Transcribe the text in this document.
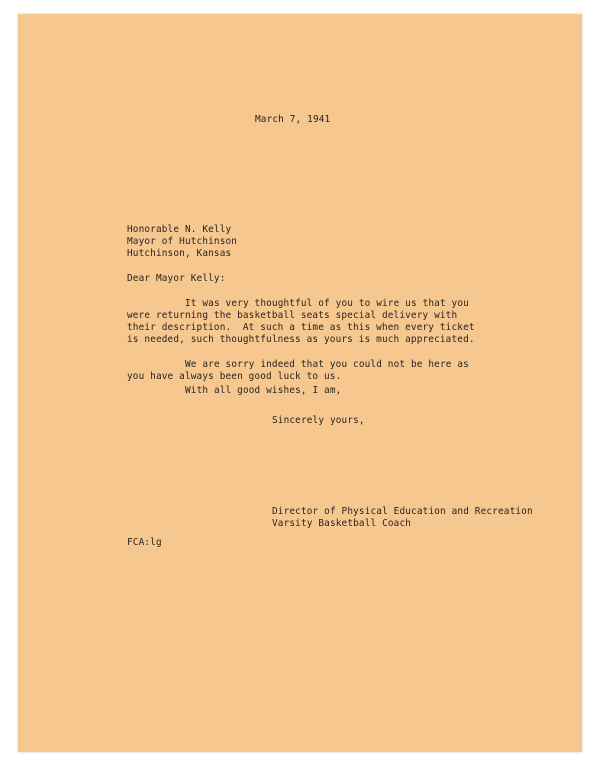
March 7, 1941
Honorable N. Kelly
Mayor of Hutchinson
Hutchinson, Kansas
Dear Mayor Kelly:
It was very thoughtful of you to wire us that you
were returning the basketball seats special delivery with
their description.  At such a time as this when every ticket
is needed, such thoughtfulness as yours is much appreciated.
We are sorry indeed that you could not be here as
you have always been good luck to us.
With all good wishes, I am,
Sincerely yours,
Director of Physical Education and Recreation
Varsity Basketball Coach
FCA:lg
